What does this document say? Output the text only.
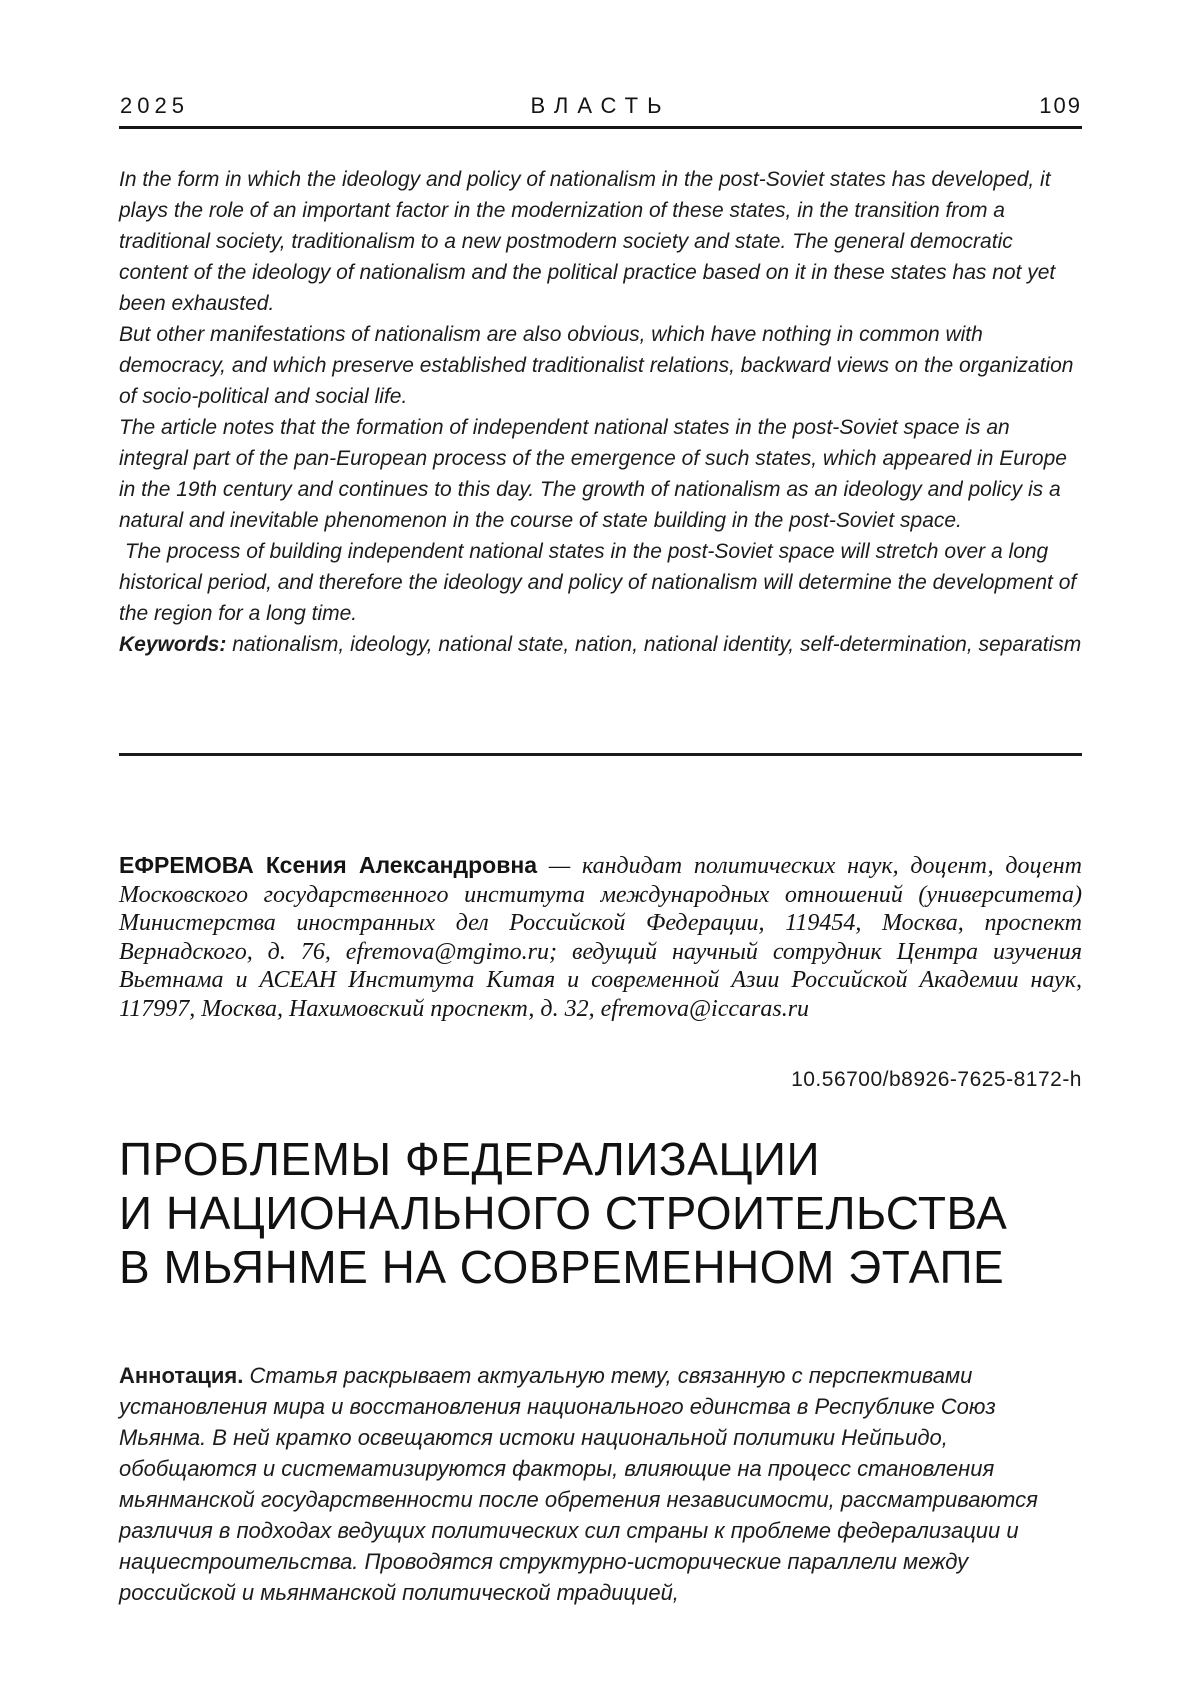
2025	ВЛАСТЬ	109

In the form in which the ideology and policy of nationalism in the post-Soviet states has developed, it plays the role of an important factor in the modernization of these states, in the transition from a traditional society, traditionalism to a new postmodern society and state. The general democratic content of the ideology of nationalism and the political practice based on it in these states has not yet been exhausted.

But other manifestations of nationalism are also obvious, which have nothing in common with democracy, and which preserve established traditionalist relations, backward views on the organization of socio-political and social life.

The article notes that the formation of independent national states in the post-Soviet space is an integral part of the pan-European process of the emergence of such states, which appeared in Europe in the 19th century and continues to this day. The growth of nationalism as an ideology and policy is a natural and inevitable phenomenon in the course of state building in the post-Soviet space.

The process of building independent national states in the post-Soviet space will stretch over a long historical period, and therefore the ideology and policy of nationalism will determine the development of the region for a long time.

Keywords: nationalism, ideology, national state, nation, national identity, self-determination, separatism

ЕФРЕМОВА Ксения Александровна — кандидат политических наук, доцент, доцент Московского государственного института международных отношений (университета) Министерства иностранных дел Российской Федерации, 119454, Москва, проспект Вернадского, д. 76, efremova@mgimo.ru; ведущий научный сотрудник Центра изучения Вьетнама и АСЕАН Института Китая и современной Азии Российской Академии наук, 117997, Москва, Нахимовский проспект, д. 32, efremova@iccaras.ru
10.56700/b8926-7625-8172-h
ПРОБЛЕМЫ ФЕДЕРАЛИЗАЦИИ
И НАЦИОНАЛЬНОГО СТРОИТЕЛЬСТВА
В МЬЯНМЕ НА СОВРЕМЕННОМ ЭТАПЕ
Аннотация. Статья раскрывает актуальную тему, связанную с перспективами установления мира и восстановления национального единства в Республике Союз Мьянма. В ней кратко освещаются истоки национальной политики Нейпьидо, обобщаются и систематизируются факторы, влияющие на процесс становления мьянманской государственности после обретения независимости, рассматриваются различия в подходах ведущих политических сил страны к проблеме федерализации и нациестроительства. Проводятся структурно-исторические параллели между российской и мьянманской политической традицией,
